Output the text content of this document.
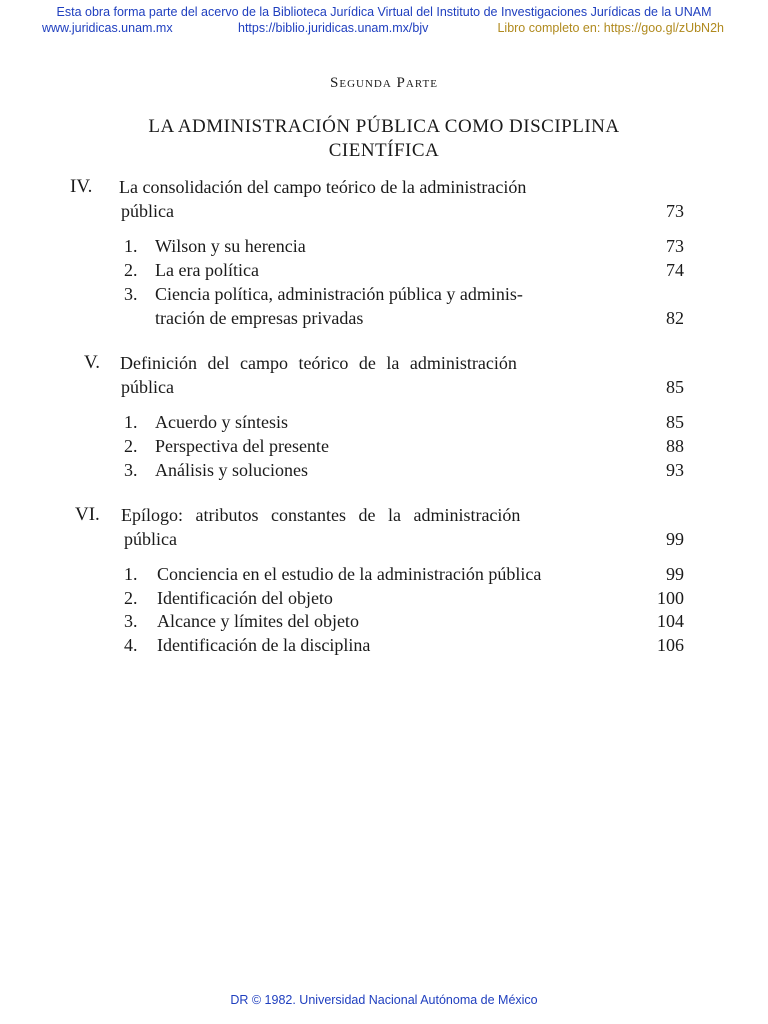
Esta obra forma parte del acervo de la Biblioteca Jurídica Virtual del Instituto de Investigaciones Jurídicas de la UNAM
www.juridicas.unam.mx	https://biblio.juridicas.unam.mx/bjv	Libro completo en: https://goo.gl/zUbN2h
Segunda Parte
LA ADMINISTRACIÓN PÚBLICA COMO DISCIPLINA
CIENTÍFICA
IV. La consolidación del campo teórico de la administración
pública	73
1. Wilson y su herencia	73
2. La era política	74
3. Ciencia política, administración pública y adminis-
tración de empresas privadas	82
V. Definición del campo teórico de la administración
pública	85
1. Acuerdo y síntesis	85
2. Perspectiva del presente	88
3. Análisis y soluciones	93
VI. Epílogo: atributos constantes de la administración
pública	99
1. Conciencia en el estudio de la administración pública	99
2. Identificación del objeto	100
3. Alcance y límites del objeto	104
4. Identificación de la disciplina	106
DR © 1982. Universidad Nacional Autónoma de México
